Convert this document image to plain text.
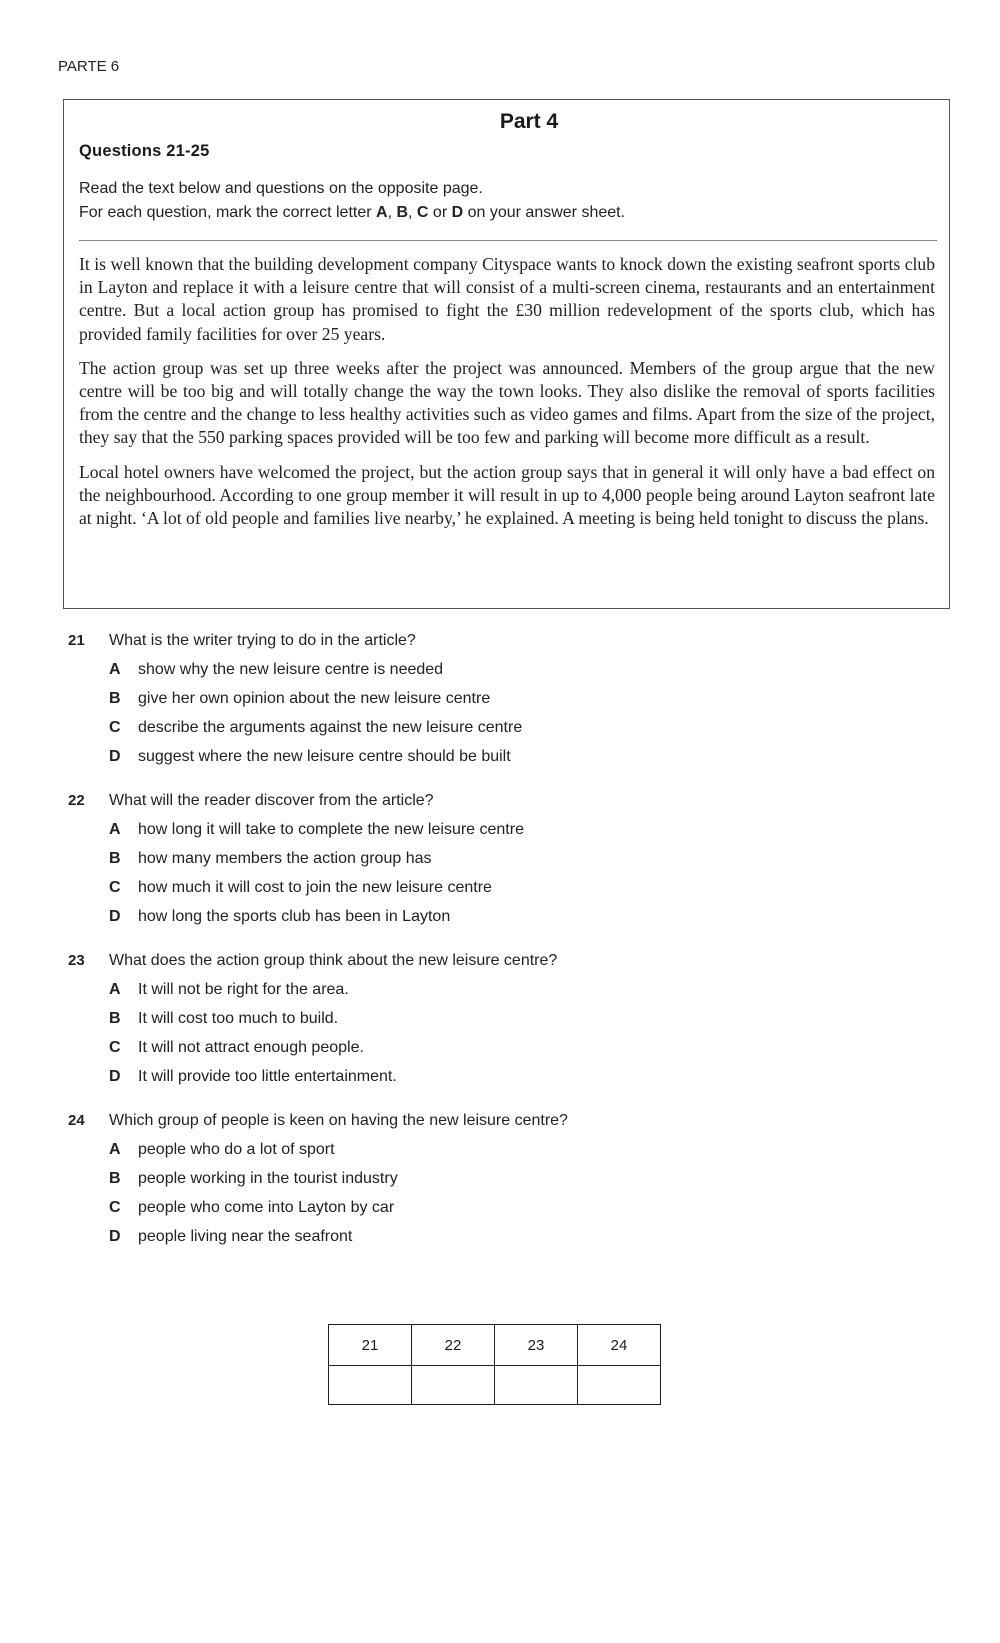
PARTE 6
Part 4
Questions 21-25
Read the text below and questions on the opposite page.
For each question, mark the correct letter A, B, C or D on your answer sheet.

It is well known that the building development company Cityspace wants to knock down the existing seafront sports club in Layton and replace it with a leisure centre that will consist of a multi-screen cinema, restaurants and an entertainment centre. But a local action group has promised to fight the £30 million redevelopment of the sports club, which has provided family facilities for over 25 years.

The action group was set up three weeks after the project was announced. Members of the group argue that the new centre will be too big and will totally change the way the town looks. They also dislike the removal of sports facilities from the centre and the change to less healthy activities such as video games and films. Apart from the size of the project, they say that the 550 parking spaces provided will be too few and parking will become more difficult as a result.

Local hotel owners have welcomed the project, but the action group says that in general it will only have a bad effect on the neighbourhood. According to one group member it will result in up to 4,000 people being around Layton seafront late at night. ‘A lot of old people and families live nearby,’ he explained. A meeting is being held tonight to discuss the plans.

21 What is the writer trying to do in the article?
A show why the new leisure centre is needed
B give her own opinion about the new leisure centre
C describe the arguments against the new leisure centre
D suggest where the new leisure centre should be built
22 What will the reader discover from the article?
A how long it will take to complete the new leisure centre
B how many members the action group has
C how much it will cost to join the new leisure centre
D how long the sports club has been in Layton
23 What does the action group think about the new leisure centre?
A It will not be right for the area.
B It will cost too much to build.
C It will not attract enough people.
D It will provide too little entertainment.
24 Which group of people is keen on having the new leisure centre?
A people who do a lot of sport
B people working in the tourist industry
C people who come into Layton by car
D people living near the seafront
21	22	23	24
